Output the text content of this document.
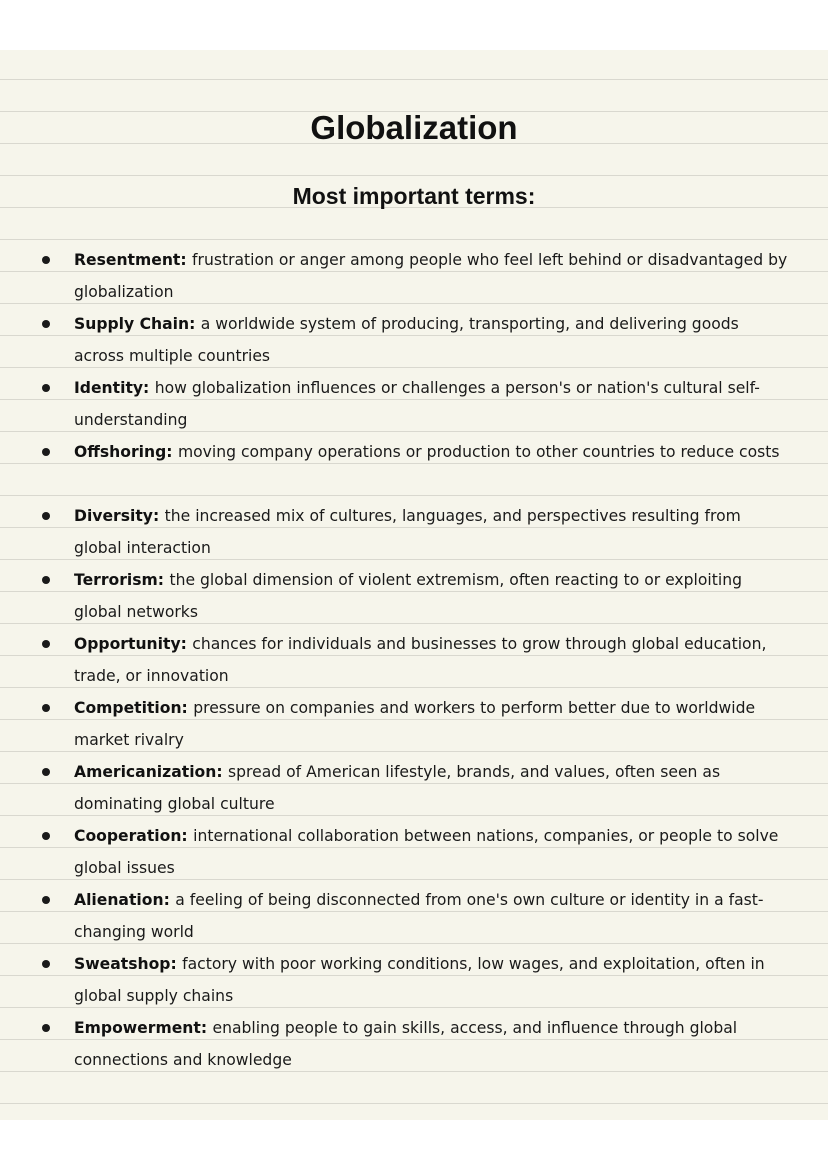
Globalization
Most important terms:
Resentment: frustration or anger among people who feel left behind or disadvantaged by globalization
Supply Chain: a worldwide system of producing, transporting, and delivering goods across multiple countries
Identity: how globalization influences or challenges a person's or nation's cultural self-understanding
Offshoring: moving company operations or production to other countries to reduce costs
Diversity: the increased mix of cultures, languages, and perspectives resulting from global interaction
Terrorism: the global dimension of violent extremism, often reacting to or exploiting global networks
Opportunity: chances for individuals and businesses to grow through global education, trade, or innovation
Competition: pressure on companies and workers to perform better due to worldwide market rivalry
Americanization: spread of American lifestyle, brands, and values, often seen as dominating global culture
Cooperation: international collaboration between nations, companies, or people to solve global issues
Alienation: a feeling of being disconnected from one's own culture or identity in a fast-changing world
Sweatshop: factory with poor working conditions, low wages, and exploitation, often in global supply chains
Empowerment: enabling people to gain skills, access, and influence through global connections and knowledge
